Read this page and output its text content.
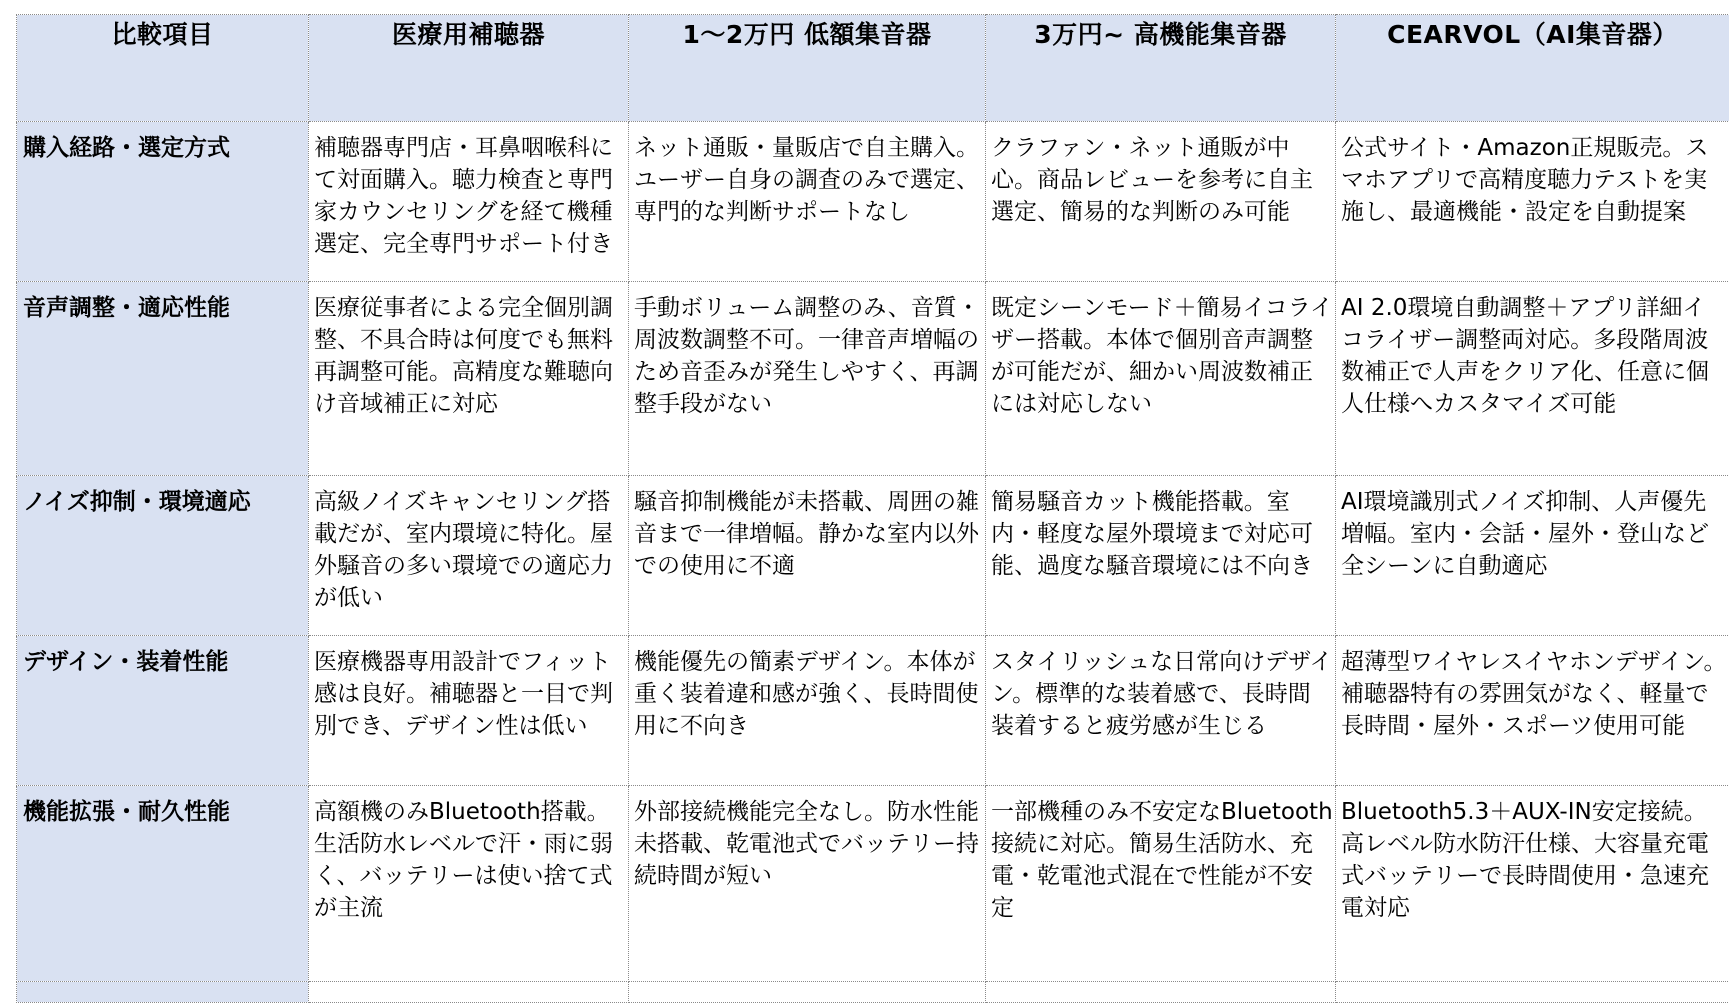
比較項目	医療用補聴器	1～2万円 低額集音器	3万円~ 高機能集音器	CEARVOL（AI集音器）
購入経路・選定方式	補聴器専門店・耳鼻咽喉科にて対面購入。聴力検査と専門家カウンセリングを経て機種選定、完全専門サポート付き	ネット通販・量販店で自主購入。ユーザー自身の調査のみで選定、専門的な判断サポートなし	クラファン・ネット通販が中心。商品レビューを参考に自主選定、簡易的な判断のみ可能	公式サイト・Amazon正規販売。スマホアプリで高精度聴力テストを実施し、最適機能・設定を自動提案
音声調整・適応性能	医療従事者による完全個別調整、不具合時は何度でも無料再調整可能。高精度な難聴向け音域補正に対応	手動ボリューム調整のみ、音質・周波数調整不可。一律音声増幅のため音歪みが発生しやすく、再調整手段がない	既定シーンモード＋簡易イコライザー搭載。本体で個別音声調整が可能だが、細かい周波数補正には対応しない	AI 2.0環境自動調整＋アプリ詳細イコライザー調整両対応。多段階周波数補正で人声をクリア化、任意に個人仕様へカスタマイズ可能
ノイズ抑制・環境適応	高級ノイズキャンセリング搭載だが、室内環境に特化。屋外騒音の多い環境での適応力が低い	騒音抑制機能が未搭載、周囲の雑音まで一律増幅。静かな室内以外での使用に不適	簡易騒音カット機能搭載。室内・軽度な屋外環境まで対応可能、過度な騒音環境には不向き	AI環境識別式ノイズ抑制、人声優先増幅。室内・会話・屋外・登山など全シーンに自動適応
デザイン・装着性能	医療機器専用設計でフィット感は良好。補聴器と一目で判別でき、デザイン性は低い	機能優先の簡素デザイン。本体が重く装着違和感が強く、長時間使用に不向き	スタイリッシュな日常向けデザイン。標準的な装着感で、長時間装着すると疲労感が生じる	超薄型ワイヤレスイヤホンデザイン。補聴器特有の雰囲気がなく、軽量で長時間・屋外・スポーツ使用可能
機能拡張・耐久性能	高額機のみBluetooth搭載。生活防水レベルで汗・雨に弱く、バッテリーは使い捨て式が主流	外部接続機能完全なし。防水性能未搭載、乾電池式でバッテリー持続時間が短い	一部機種のみ不安定なBluetooth接続に対応。簡易生活防水、充電・乾電池式混在で性能が不安定	Bluetooth5.3＋AUX-IN安定接続。高レベル防水防汗仕様、大容量充電式バッテリーで長時間使用・急速充電対応
